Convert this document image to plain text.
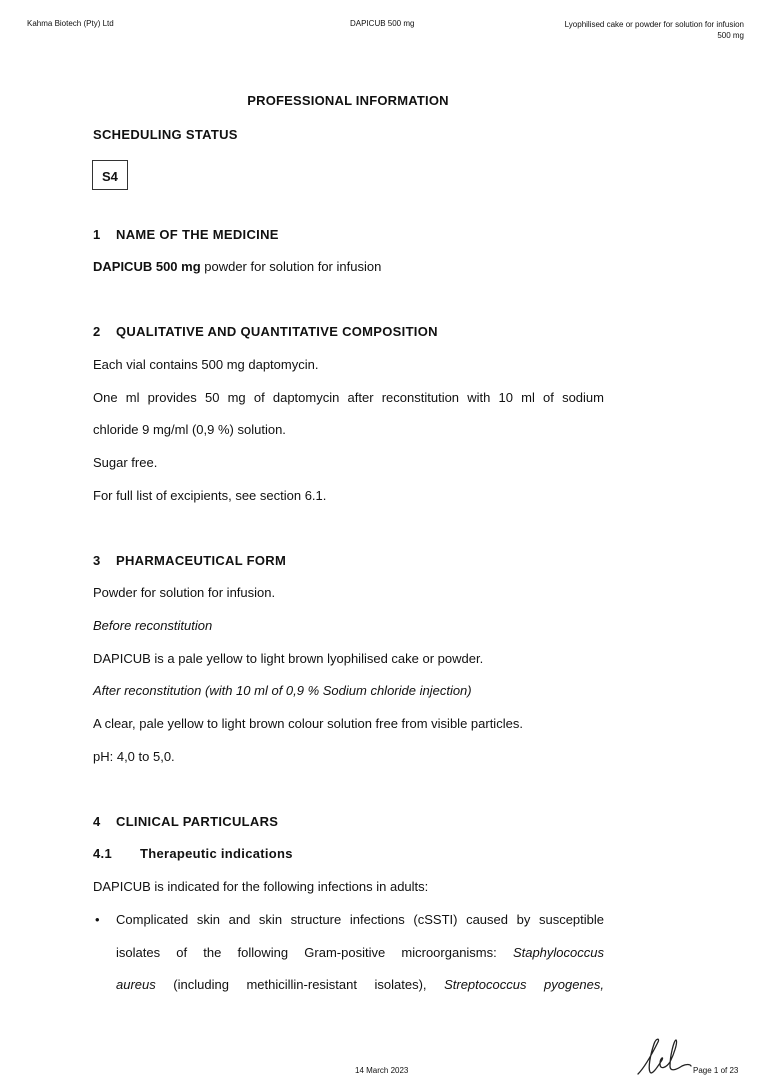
Kahma Biotech (Pty) Ltd	DAPICUB 500 mg	Lyophilised cake or powder for solution for infusion
500 mg
PROFESSIONAL INFORMATION
SCHEDULING STATUS
S4
1 NAME OF THE MEDICINE
DAPICUB 500 mg powder for solution for infusion
2 QUALITATIVE AND QUANTITATIVE COMPOSITION
Each vial contains 500 mg daptomycin.
One ml provides 50 mg of daptomycin after reconstitution with 10 ml of sodium
chloride 9 mg/ml (0,9 %) solution.
Sugar free.
For full list of excipients, see section 6.1.
3 PHARMACEUTICAL FORM
Powder for solution for infusion.
Before reconstitution
DAPICUB is a pale yellow to light brown lyophilised cake or powder.
After reconstitution (with 10 ml of 0,9 % Sodium chloride injection)
A clear, pale yellow to light brown colour solution free from visible particles.
pH: 4,0 to 5,0.
4 CLINICAL PARTICULARS
4.1 Therapeutic indications
DAPICUB is indicated for the following infections in adults:
• Complicated skin and skin structure infections (cSSTI) caused by susceptible
isolates of the following Gram-positive microorganisms: Staphylococcus
aureus (including methicillin-resistant isolates), Streptococcus pyogenes,
14 March 2023	Page 1 of 23
